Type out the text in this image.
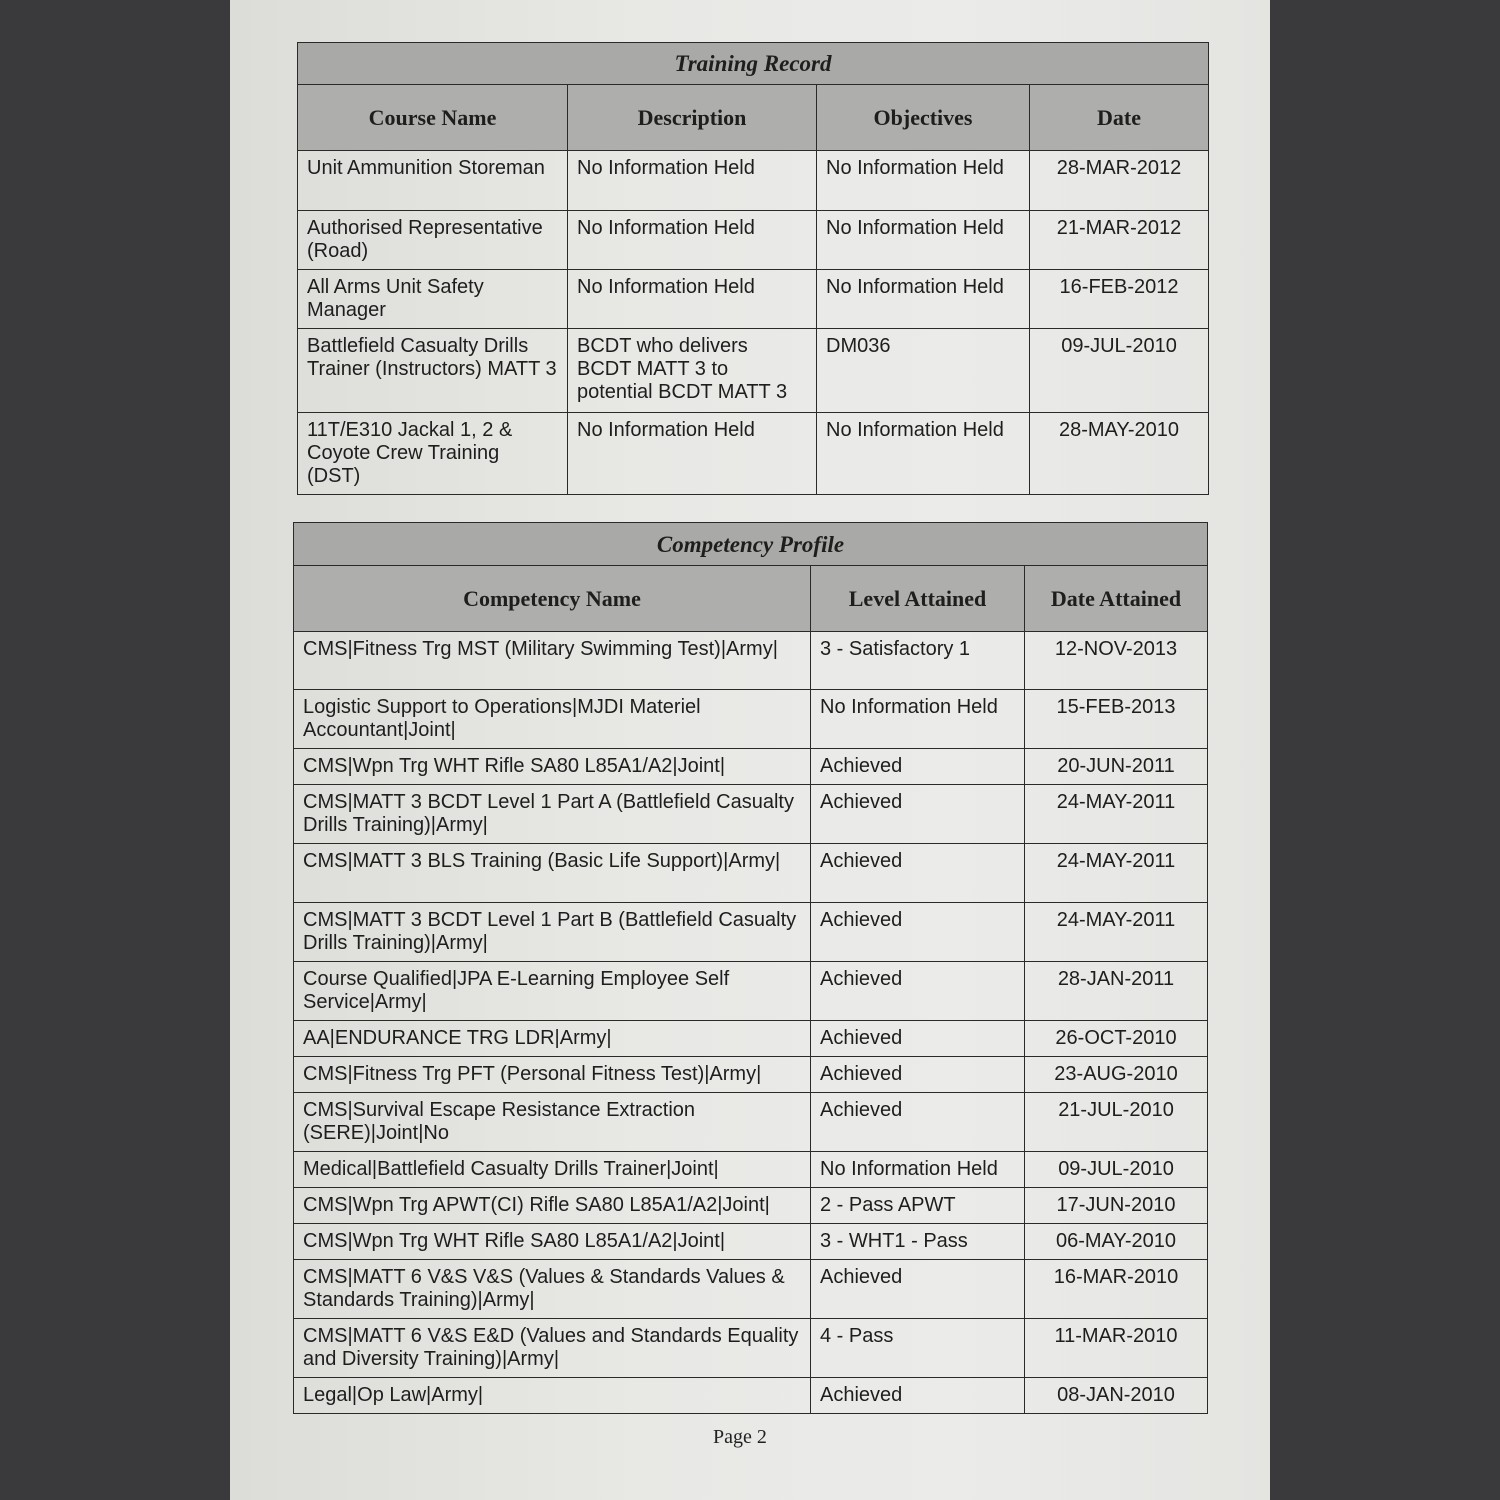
Training Record			
Course Name	Description	Objectives	Date
Unit Ammunition Storeman	No Information Held	No Information Held	28-MAR-2012
Authorised Representative (Road)	No Information Held	No Information Held	21-MAR-2012
All Arms Unit Safety Manager	No Information Held	No Information Held	16-FEB-2012
Battlefield Casualty Drills Trainer (Instructors) MATT 3	BCDT who delivers BCDT MATT 3 to potential BCDT MATT 3	DM036	09-JUL-2010
11T/E310 Jackal 1, 2 & Coyote Crew Training (DST)	No Information Held	No Information Held	28-MAY-2010
Competency Profile		
Competency Name	Level Attained	Date Attained
CMS|Fitness Trg MST (Military Swimming Test)|Army|	3 - Satisfactory 1	12-NOV-2013
Logistic Support to Operations|MJDI Materiel Accountant|Joint|	No Information Held	15-FEB-2013
CMS|Wpn Trg WHT Rifle SA80 L85A1/A2|Joint|	Achieved	20-JUN-2011
CMS|MATT 3 BCDT Level 1 Part A (Battlefield Casualty Drills Training)|Army|	Achieved	24-MAY-2011
CMS|MATT 3 BLS Training (Basic Life Support)|Army|	Achieved	24-MAY-2011
CMS|MATT 3 BCDT Level 1 Part B (Battlefield Casualty Drills Training)|Army|	Achieved	24-MAY-2011
Course Qualified|JPA E-Learning Employee Self Service|Army|	Achieved	28-JAN-2011
AA|ENDURANCE TRG LDR|Army|	Achieved	26-OCT-2010
CMS|Fitness Trg PFT (Personal Fitness Test)|Army|	Achieved	23-AUG-2010
CMS|Survival Escape Resistance Extraction (SERE)|Joint|No	Achieved	21-JUL-2010
Medical|Battlefield Casualty Drills Trainer|Joint|	No Information Held	09-JUL-2010
CMS|Wpn Trg APWT(CI) Rifle SA80 L85A1/A2|Joint|	2 - Pass APWT	17-JUN-2010
CMS|Wpn Trg WHT Rifle SA80 L85A1/A2|Joint|	3 - WHT1 - Pass	06-MAY-2010
CMS|MATT 6 V&S V&S (Values & Standards Values & Standards Training)|Army|	Achieved	16-MAR-2010
CMS|MATT 6 V&S E&D (Values and Standards Equality and Diversity Training)|Army|	4 - Pass	11-MAR-2010
Legal|Op Law|Army|	Achieved	08-JAN-2010
Page 2
